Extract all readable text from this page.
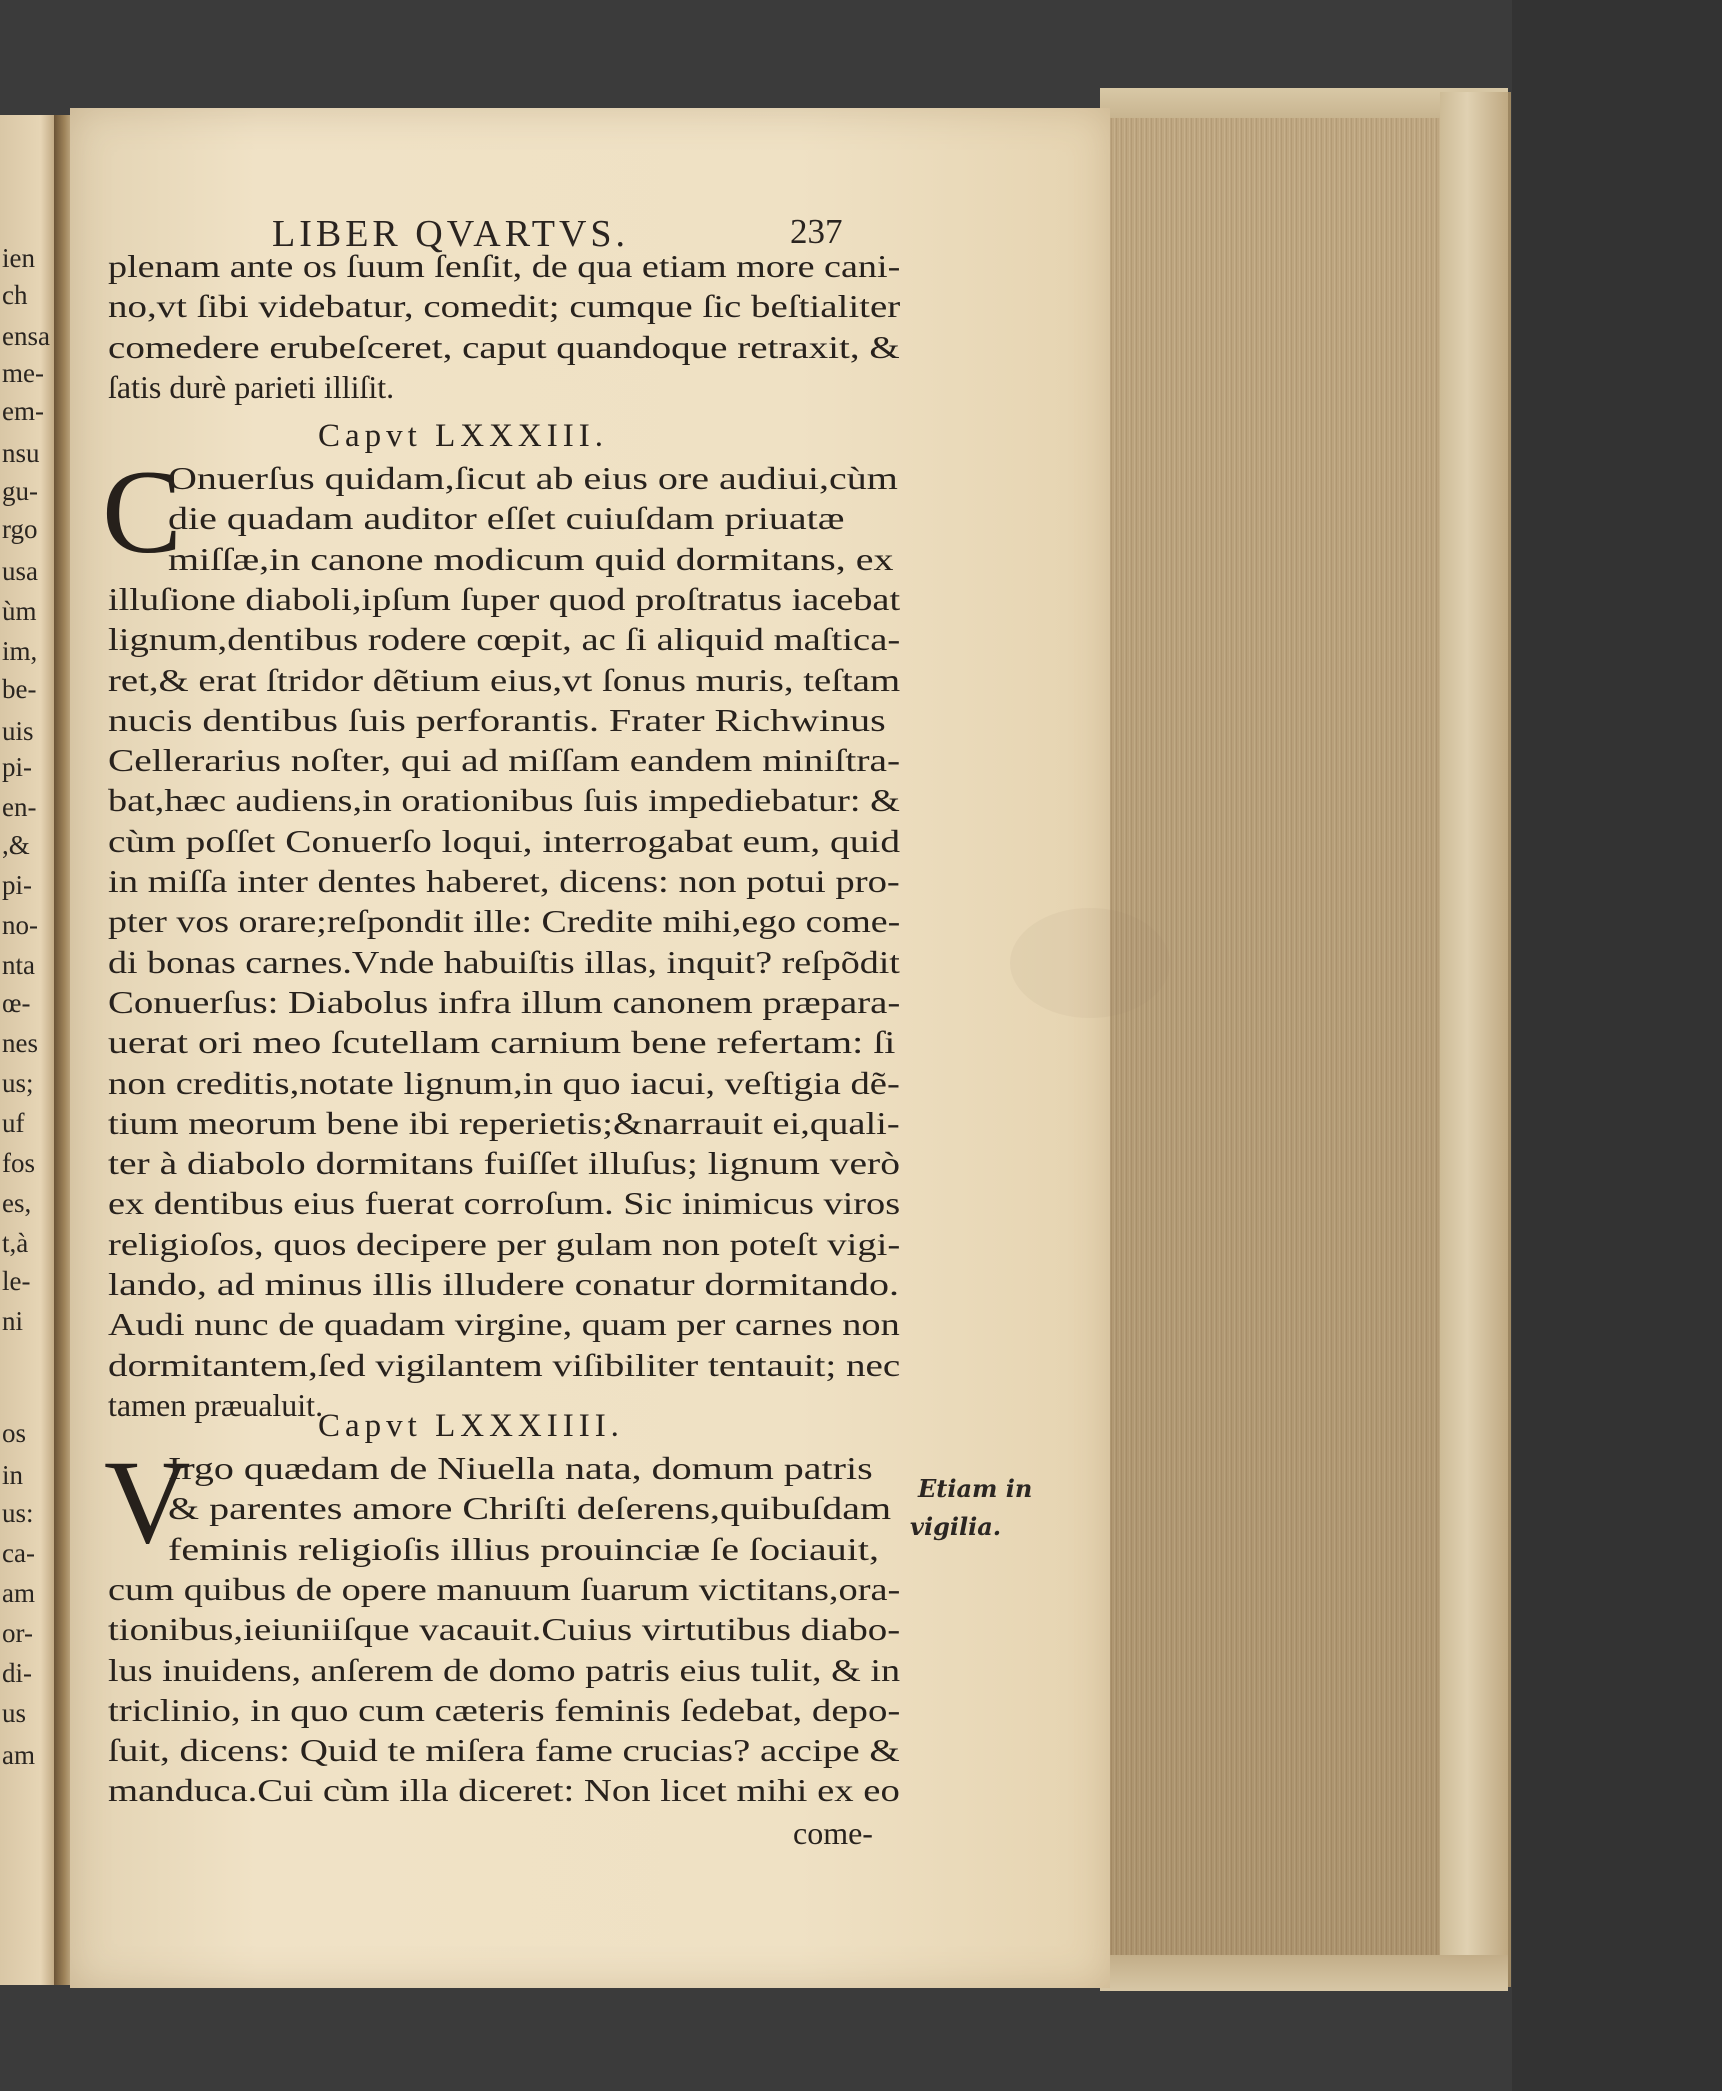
ien
ch
ensa
me-
em-
nsu
gu-
rgo
usa
ùm
im,
be-
uis
pi-
en-
,&
pi-
no-
nta
œ-
nes
us;
uf
fos
es,
t,à
le-
ni
os
in
us:
ca-
am
or-
di-
us
am
LIBER QVARTVS.	237
plenam ante os ſuum ſenſit, de qua etiam more cani-
no,vt ſibi videbatur, comedit; cumque ſic beſtialiter
comedere erubeſceret, caput quandoque retraxit, &
ſatis durè parieti illiſit.
Capvt LXXXIII.
C
Onuerſus quidam,ſicut ab eius ore audiui,cùm
die quadam auditor eſſet cuiuſdam priuatæ
miſſæ,in canone modicum quid dormitans, ex
illuſione diaboli,ipſum ſuper quod proſtratus iacebat
lignum,dentibus rodere cœpit, ac ſi aliquid maſtica-
ret,& erat ſtridor dẽtium eius,vt ſonus muris, teſtam
nucis dentibus ſuis perforantis. Frater Richwinus
Cellerarius noſter, qui ad miſſam eandem miniſtra-
bat,hæc audiens,in orationibus ſuis impediebatur: &
cùm poſſet Conuerſo loqui, interrogabat eum, quid
in miſſa inter dentes haberet, dicens: non potui pro-
pter vos orare;reſpondit ille: Credite mihi,ego come-
di bonas carnes.Vnde habuiſtis illas, inquit? reſpõdit
Conuerſus: Diabolus infra illum canonem præpara-
uerat ori meo ſcutellam carnium bene refertam: ſi
non creditis,notate lignum,in quo iacui, veſtigia dẽ-
tium meorum bene ibi reperietis;&narrauit ei,quali-
ter à diabolo dormitans fuiſſet illuſus; lignum verò
ex dentibus eius fuerat corroſum. Sic inimicus viros
religioſos, quos decipere per gulam non poteſt vigi-
lando, ad minus illis illudere conatur dormitando.
Audi nunc de quadam virgine, quam per carnes non
dormitantem,ſed vigilantem viſibiliter tentauit; nec
tamen præualuit.
Capvt LXXXIIII.
V
Irgo quædam de Niuella nata, domum patris
& parentes amore Chriſti deſerens,quibuſdam
feminis religioſis illius prouinciæ ſe ſociauit,
cum quibus de opere manuum ſuarum victitans,ora-
tionibus,ieiuniiſque vacauit.Cuius virtutibus diabo-
lus inuidens, anſerem de domo patris eius tulit, & in
triclinio, in quo cum cæteris feminis ſedebat, depo-
ſuit, dicens: Quid te miſera fame crucias? accipe &
manduca.Cui cùm illa diceret: Non licet mihi ex eo
come-
Etiam in
vigilia.
